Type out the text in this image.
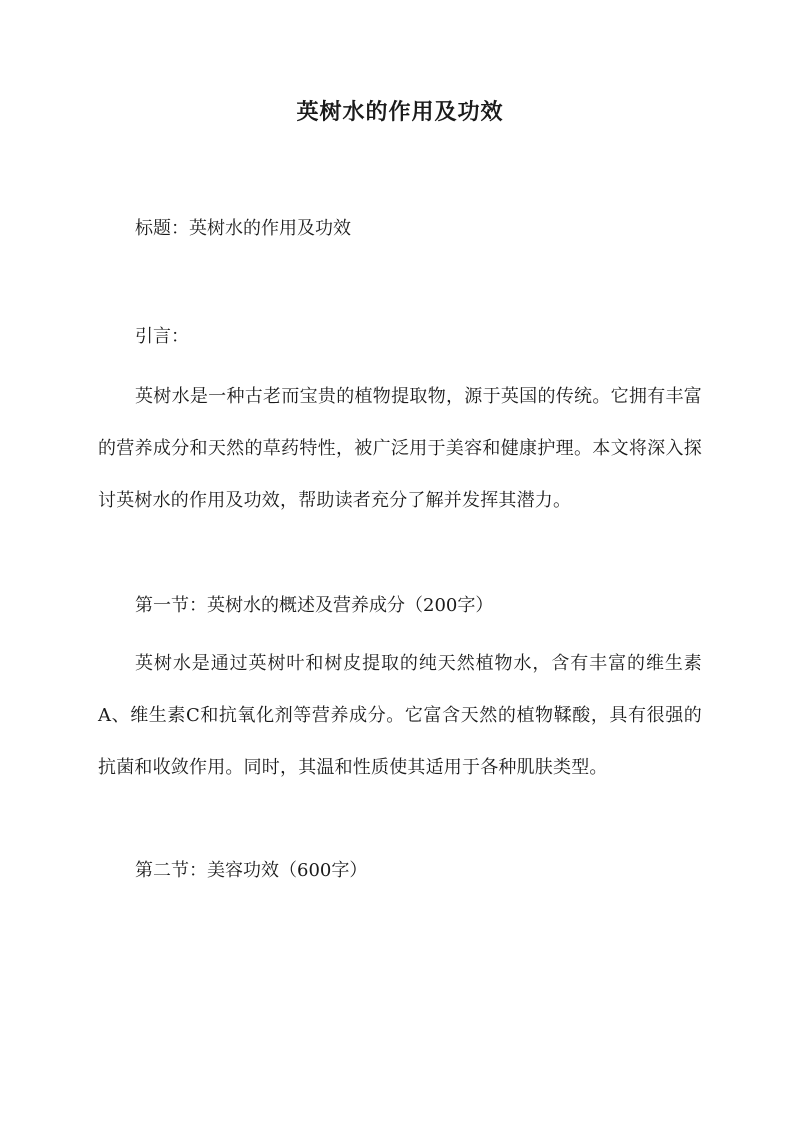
英树水的作用及功效
标题：英树水的作用及功效
引言：
英树水是一种古老而宝贵的植物提取物，源于英国的传统。它拥有丰富的营养成分和天然的草药特性，被广泛用于美容和健康护理。本文将深入探讨英树水的作用及功效，帮助读者充分了解并发挥其潜力。
第一节：英树水的概述及营养成分（200字）
英树水是通过英树叶和树皮提取的纯天然植物水，含有丰富的维生素A、维生素C和抗氧化剂等营养成分。它富含天然的植物鞣酸，具有很强的抗菌和收敛作用。同时，其温和性质使其适用于各种肌肤类型。
第二节：美容功效（600字）
